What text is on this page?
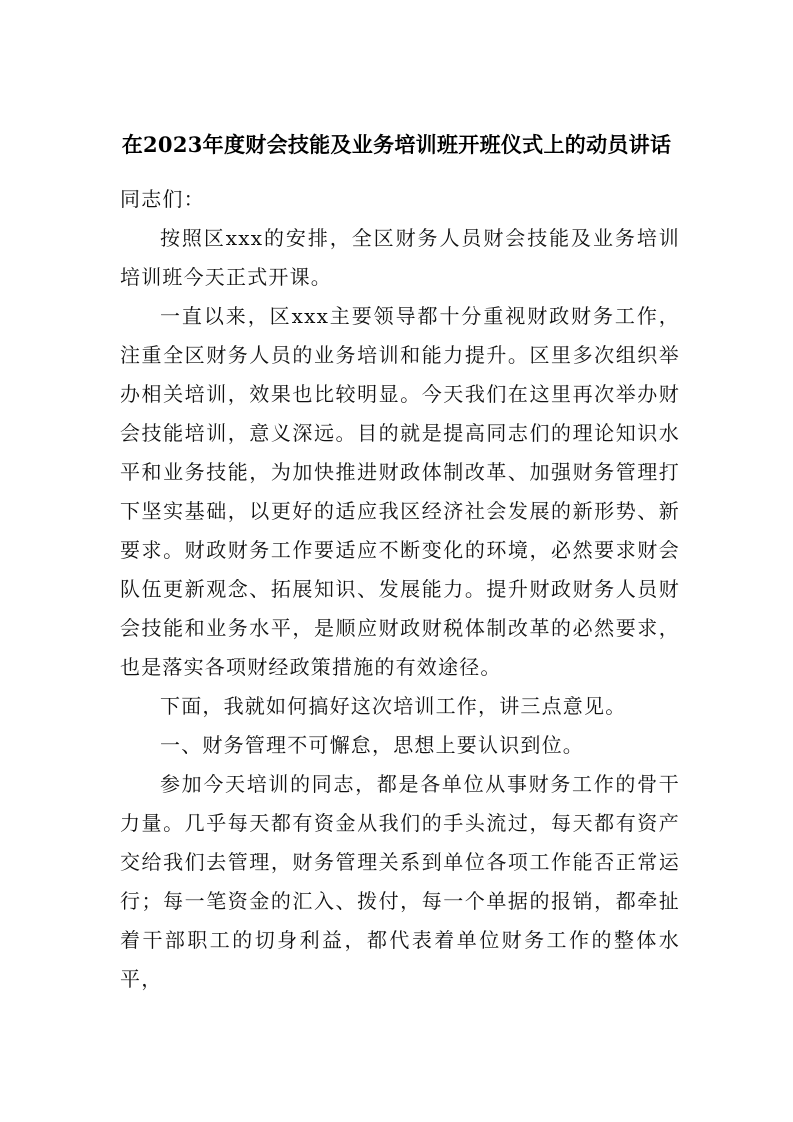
在2023年度财会技能及业务培训班开班仪式上的动员讲话

同志们：

按照区xxx的安排，全区财务人员财会技能及业务培训培训班今天正式开课。

一直以来，区xxx主要领导都十分重视财政财务工作，注重全区财务人员的业务培训和能力提升。区里多次组织举办相关培训，效果也比较明显。今天我们在这里再次举办财会技能培训，意义深远。目的就是提高同志们的理论知识水平和业务技能，为加快推进财政体制改革、加强财务管理打下坚实基础，以更好的适应我区经济社会发展的新形势、新要求。财政财务工作要适应不断变化的环境，必然要求财会队伍更新观念、拓展知识、发展能力。提升财政财务人员财会技能和业务水平，是顺应财政财税体制改革的必然要求，也是落实各项财经政策措施的有效途径。

下面，我就如何搞好这次培训工作，讲三点意见。

一、财务管理不可懈怠，思想上要认识到位。

参加今天培训的同志，都是各单位从事财务工作的骨干力量。几乎每天都有资金从我们的手头流过，每天都有资产交给我们去管理，财务管理关系到单位各项工作能否正常运行；每一笔资金的汇入、拨付，每一个单据的报销，都牵扯着干部职工的切身利益，都代表着单位财务工作的整体水平，
